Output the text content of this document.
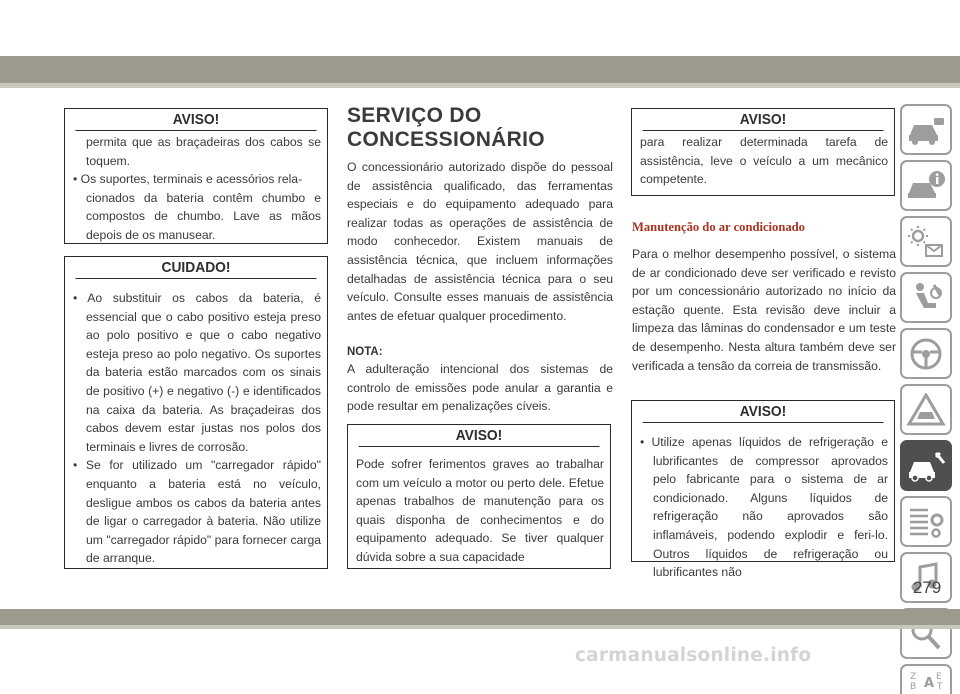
AVISO!
permita que as braçadeiras dos cabos se toquem.
• Os suportes, terminais e acessórios rela-
cionados da bateria contêm chumbo e compostos de chumbo. Lave as mãos depois de os manusear.
CUIDADO!
• Ao substituir os cabos da bateria, é essencial que o cabo positivo esteja preso ao polo positivo e que o cabo negativo esteja preso ao polo negativo. Os suportes da bateria estão marcados com os sinais de positivo (+) e negativo (-) e identificados na caixa da bateria. As braçadeiras dos cabos devem estar justas nos polos dos terminais e livres de corrosão.
• Se for utilizado um "carregador rápido" enquanto a bateria está no veículo, desligue ambos os cabos da bateria antes de ligar o carregador à bateria. Não utilize um "carregador rápido" para fornecer carga de arranque.
SERVIÇO DO
CONCESSIONÁRIO
O concessionário autorizado dispõe do pessoal de assistência qualificado, das ferramentas especiais e do equipamento adequado para realizar todas as operações de assistência de modo conhecedor. Existem manuais de assistência técnica, que incluem informações detalhadas de assistência técnica para o seu veículo. Consulte esses manuais de assistência antes de efetuar qualquer procedimento.
NOTA:
A adulteração intencional dos sistemas de controlo de emissões pode anular a garantia e pode resultar em penalizações cíveis.
AVISO!
Pode sofrer ferimentos graves ao trabalhar com um veículo a motor ou perto dele. Efetue apenas trabalhos de manutenção para os quais disponha de conhecimentos e do equipamento adequado. Se tiver qualquer dúvida sobre a sua capacidade
AVISO!
para realizar determinada tarefa de assistência, leve o veículo a um mecânico competente.
Manutenção do ar condicionado
Para o melhor desempenho possível, o sistema de ar condicionado deve ser verificado e revisto por um concessionário autorizado no início da estação quente. Esta revisão deve incluir a limpeza das lâminas do condensador e um teste de desempenho. Nesta altura também deve ser verificada a tensão da correia de transmissão.
AVISO!
• Utilize apenas líquidos de refrigeração e lubrificantes de compressor aprovados pelo fabricante para o sistema de ar condicionado. Alguns líquidos de refrigeração não aprovados são inflamáveis, podendo explodir e feri-lo. Outros líquidos de refrigeração ou lubrificantes não
Z E
B A T
279
carmanualsonline.info
